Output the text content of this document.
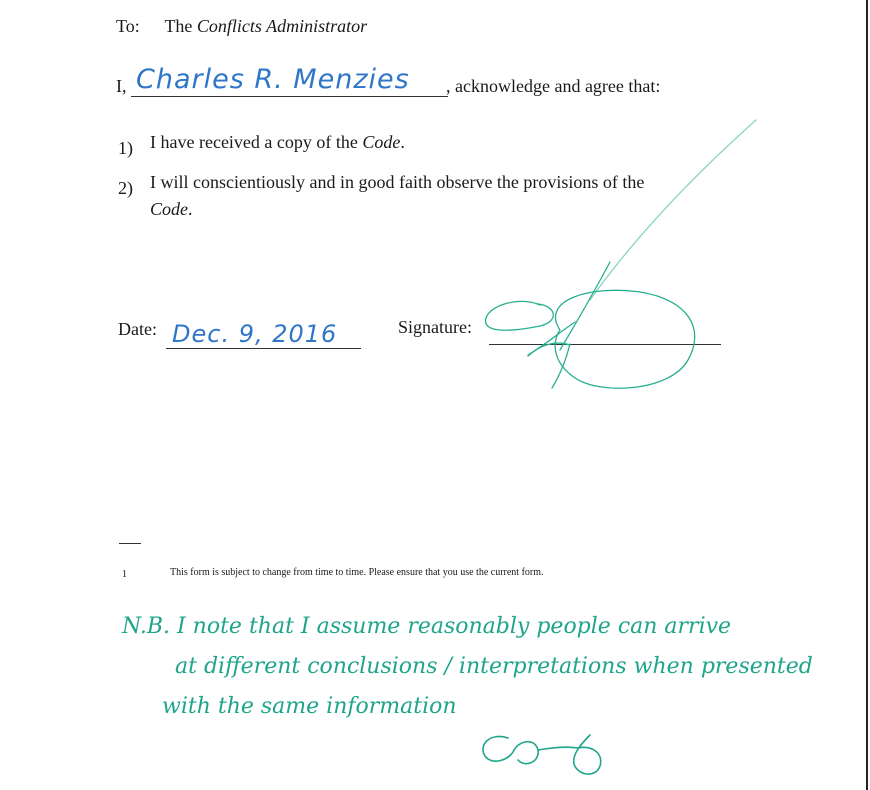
To: The Conflicts Administrator
I, Charles R. Menzies , acknowledge and agree that:
1) I have received a copy of the Code.
2) I will conscientiously and in good faith observe the provisions of the
Code.
Date: Dec. 9, 2016	Signature:
1	This form is subject to change from time to time. Please ensure that you use the current form.
N.B. I note that I assume reasonably people can arrive
at different conclusions / interpretations when presented
with the same information
